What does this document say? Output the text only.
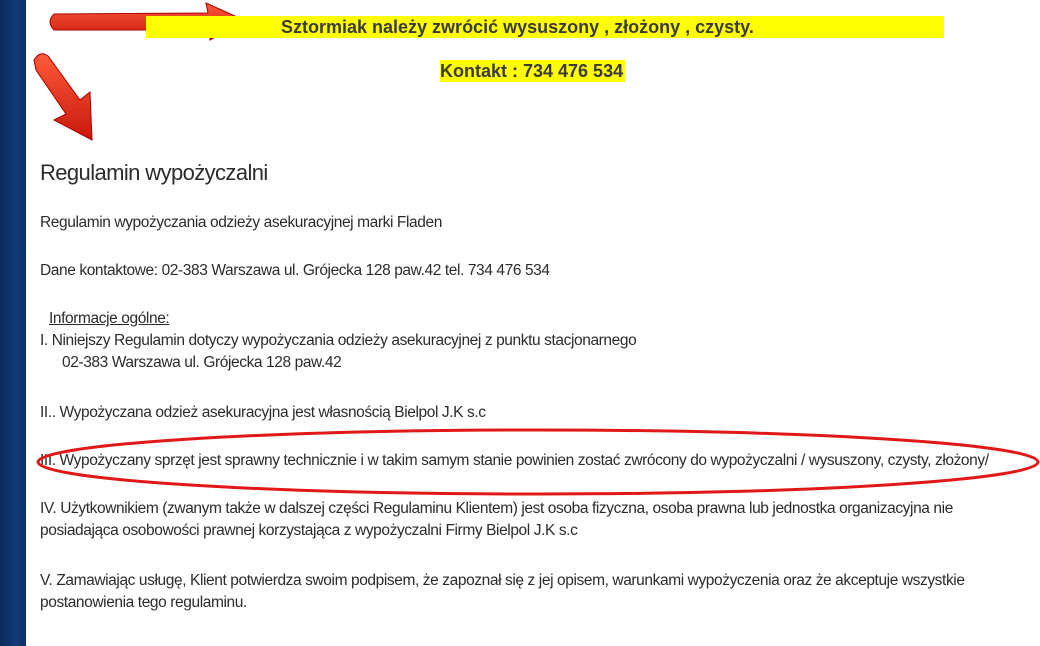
Sztormiak należy zwrócić wysuszony , złożony , czysty.
Kontakt : 734 476 534
Regulamin wypożyczalni
Regulamin wypożyczania odzieży asekuracyjnej marki Fladen
Dane kontaktowe: 02-383 Warszawa ul. Grójecka 128 paw.42 tel. 734 476 534
Informacje ogólne:
I. Niniejszy Regulamin dotyczy wypożyczania odzieży asekuracyjnej z punktu stacjonarnego
02-383 Warszawa ul. Grójecka 128 paw.42
II.. Wypożyczana odzież asekuracyjna jest własnością Bielpol J.K s.c
III. Wypożyczany sprzęt jest sprawny technicznie i w takim samym stanie powinien zostać zwrócony do wypożyczalni / wysuszony, czysty, złożony/
IV. Użytkownikiem (zwanym także w dalszej części Regulaminu Klientem) jest osoba fizyczna, osoba prawna lub jednostka organizacyjna nie
posiadająca osobowości prawnej korzystająca z wypożyczalni Firmy Bielpol J.K s.c
V. Zamawiając usługę, Klient potwierdza swoim podpisem, że zapoznał się z jej opisem, warunkami wypożyczenia oraz że akceptuje wszystkie
postanowienia tego regulaminu.
